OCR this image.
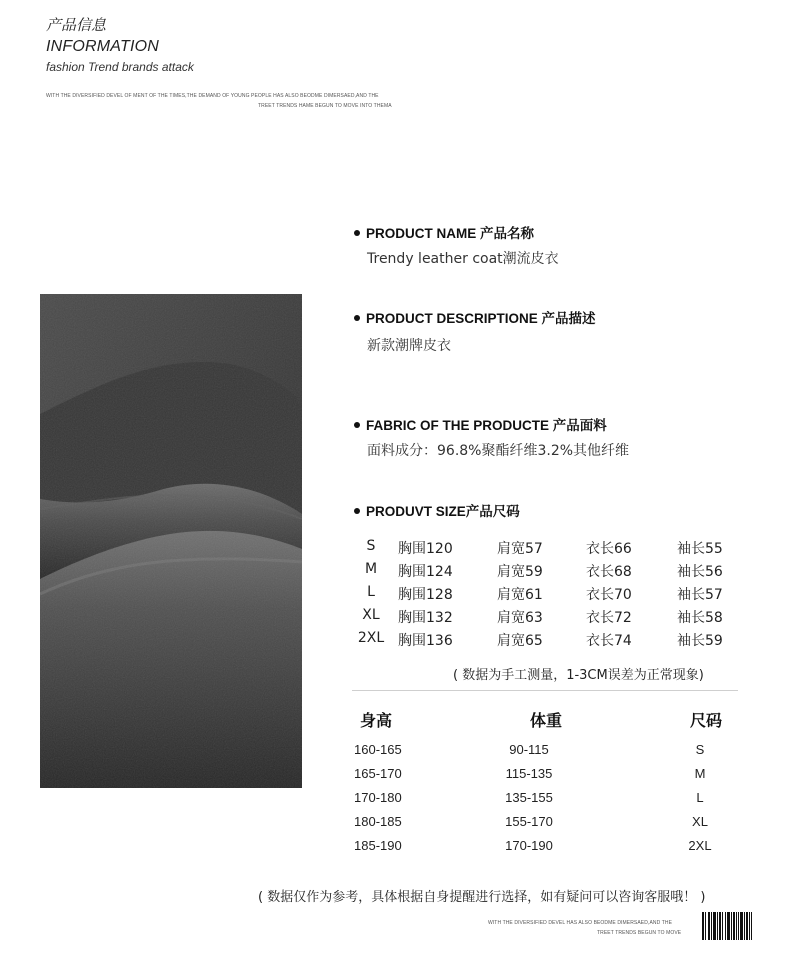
产品信息
INFORMATION
fashion Trend brands attack
WITH THE DIVERSIFIED DEVEL OF MENT OF THE TIMES,THE DEMAND OF YOUNG PEOPLE HAS ALSO BEODME DIMERSAED,AND THE
TREET TRENDS HAME BEGUN TO MOVE INTO THEMA
PRODUCT NAME 产品名称
Trendy leather coat潮流皮衣
PRODUCT DESCRIPTIONE 产品描述
新款潮牌皮衣
FABRIC OF THE PRODUCTE 产品面料
面料成分：96.8%聚酯纤维3.2%其他纤维
PRODUVT SIZE产品尺码
S	胸围120	肩宽57	衣长66	袖长55
M	胸围124	肩宽59	衣长68	袖长56
L	胸围128	肩宽61	衣长70	袖长57
XL	胸围132	肩宽63	衣长72	袖长58
2XL 胸围136	肩宽65	衣长74	袖长59
( 数据为手工测量，1-3CM误差为正常现象)
身高	体重	尺码
160-165	90-115	S
165-170	115-135	M
170-180	135-155	L
180-185	155-170	XL
185-190	170-190	2XL
( 数据仅作为参考，具体根据自身提醒进行选择，如有疑问可以咨询客服哦！ )
WITH THE DIVERSIFIED DEVEL HAS ALSO BEODME DIMERSAED,AND THE
TREET TRENDS BEGUN TO MOVE
